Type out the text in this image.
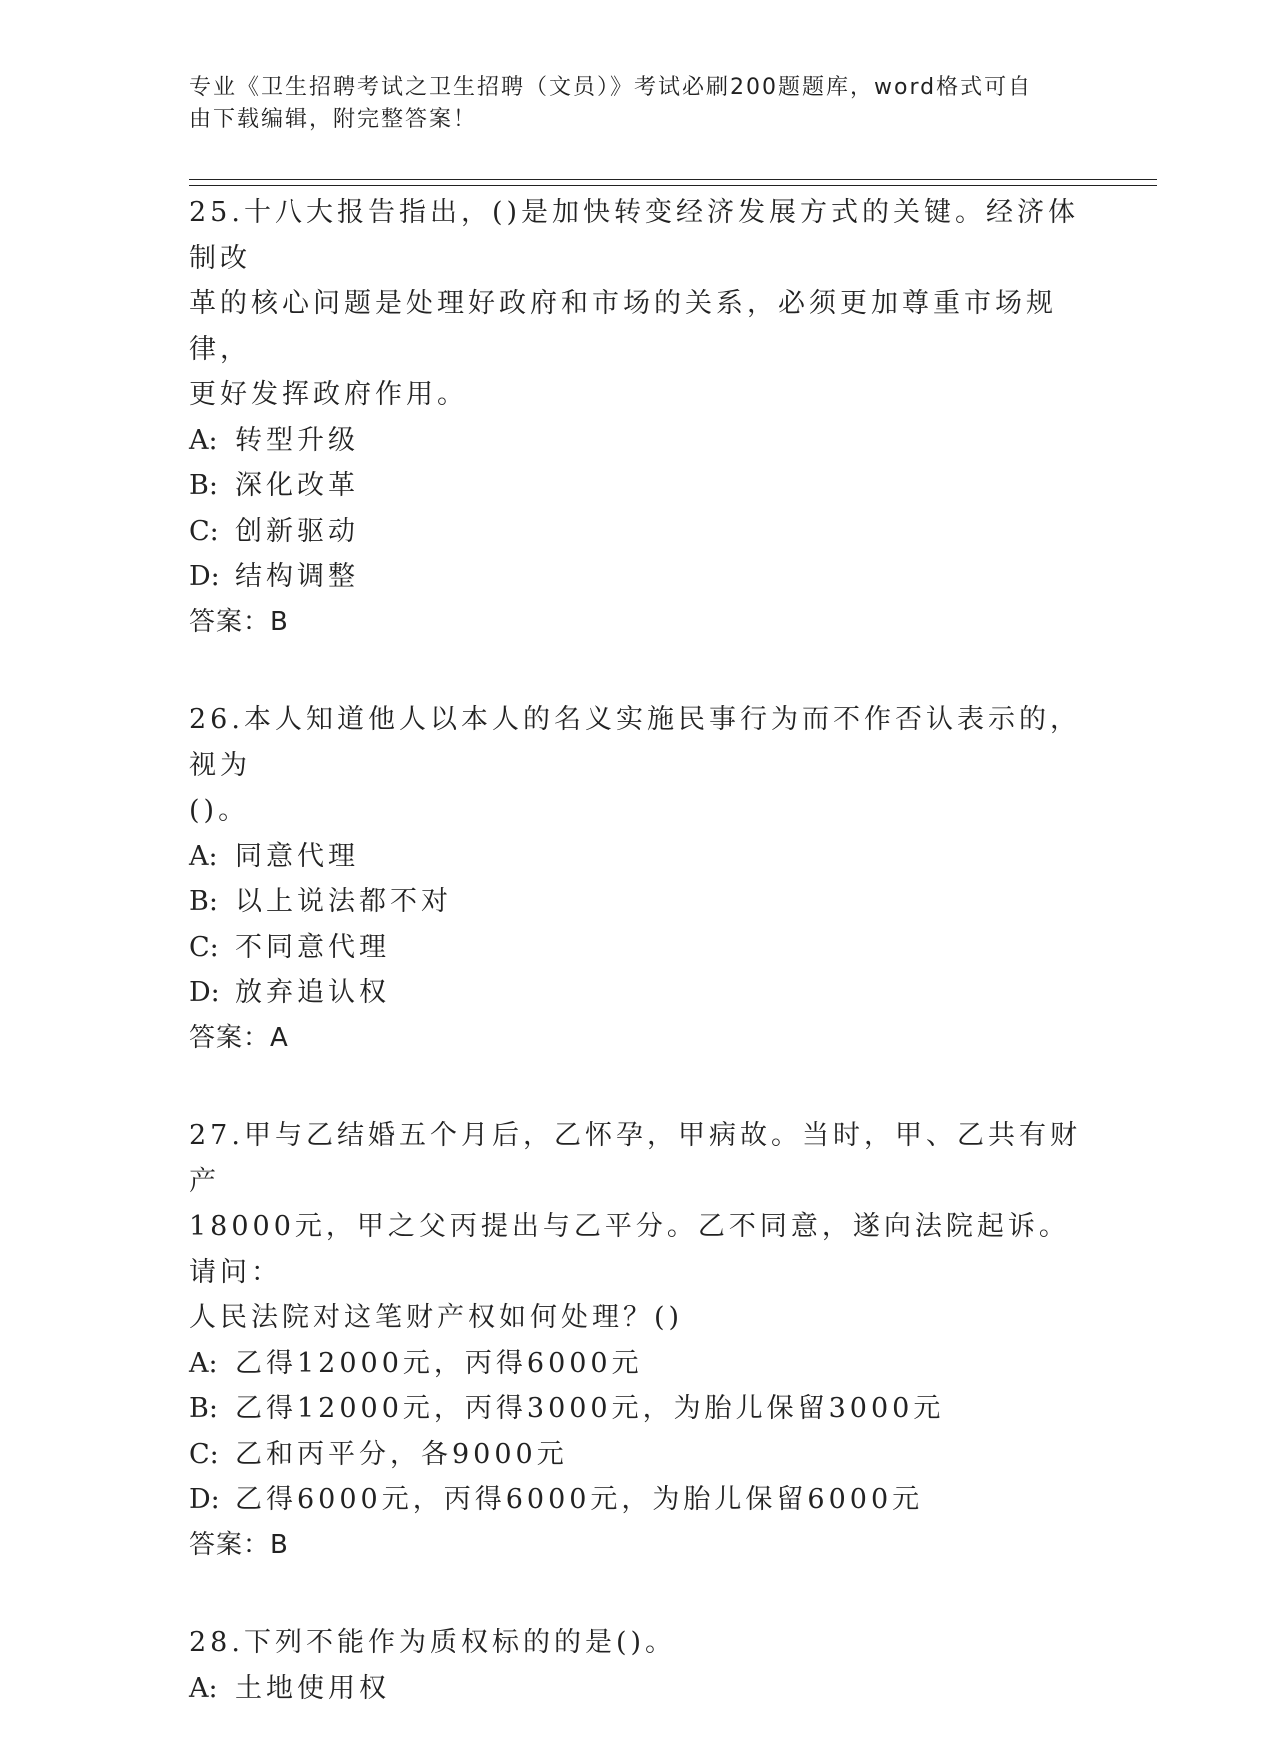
专业《卫生招聘考试之卫生招聘（文员）》考试必刷200题题库，word格式可自
由下载编辑，附完整答案！

25.十八大报告指出，()是加快转变经济发展方式的关键。经济体制改

革的核心问题是处理好政府和市场的关系，必须更加尊重市场规律，

更好发挥政府作用。

A: 转型升级

B: 深化改革

C: 创新驱动

D: 结构调整

答案：B

26.本人知道他人以本人的名义实施民事行为而不作否认表示的，视为

()。

A: 同意代理

B: 以上说法都不对

C: 不同意代理

D: 放弃追认权

答案：A

27.甲与乙结婚五个月后，乙怀孕，甲病故。当时，甲、乙共有财产

18000元，甲之父丙提出与乙平分。乙不同意，遂向法院起诉。请问：

人民法院对这笔财产权如何处理？()

A: 乙得12000元，丙得6000元

B: 乙得12000元，丙得3000元，为胎儿保留3000元

C: 乙和丙平分，各9000元

D: 乙得6000元，丙得6000元，为胎儿保留6000元

答案：B

28.下列不能作为质权标的的是()。

A: 土地使用权
